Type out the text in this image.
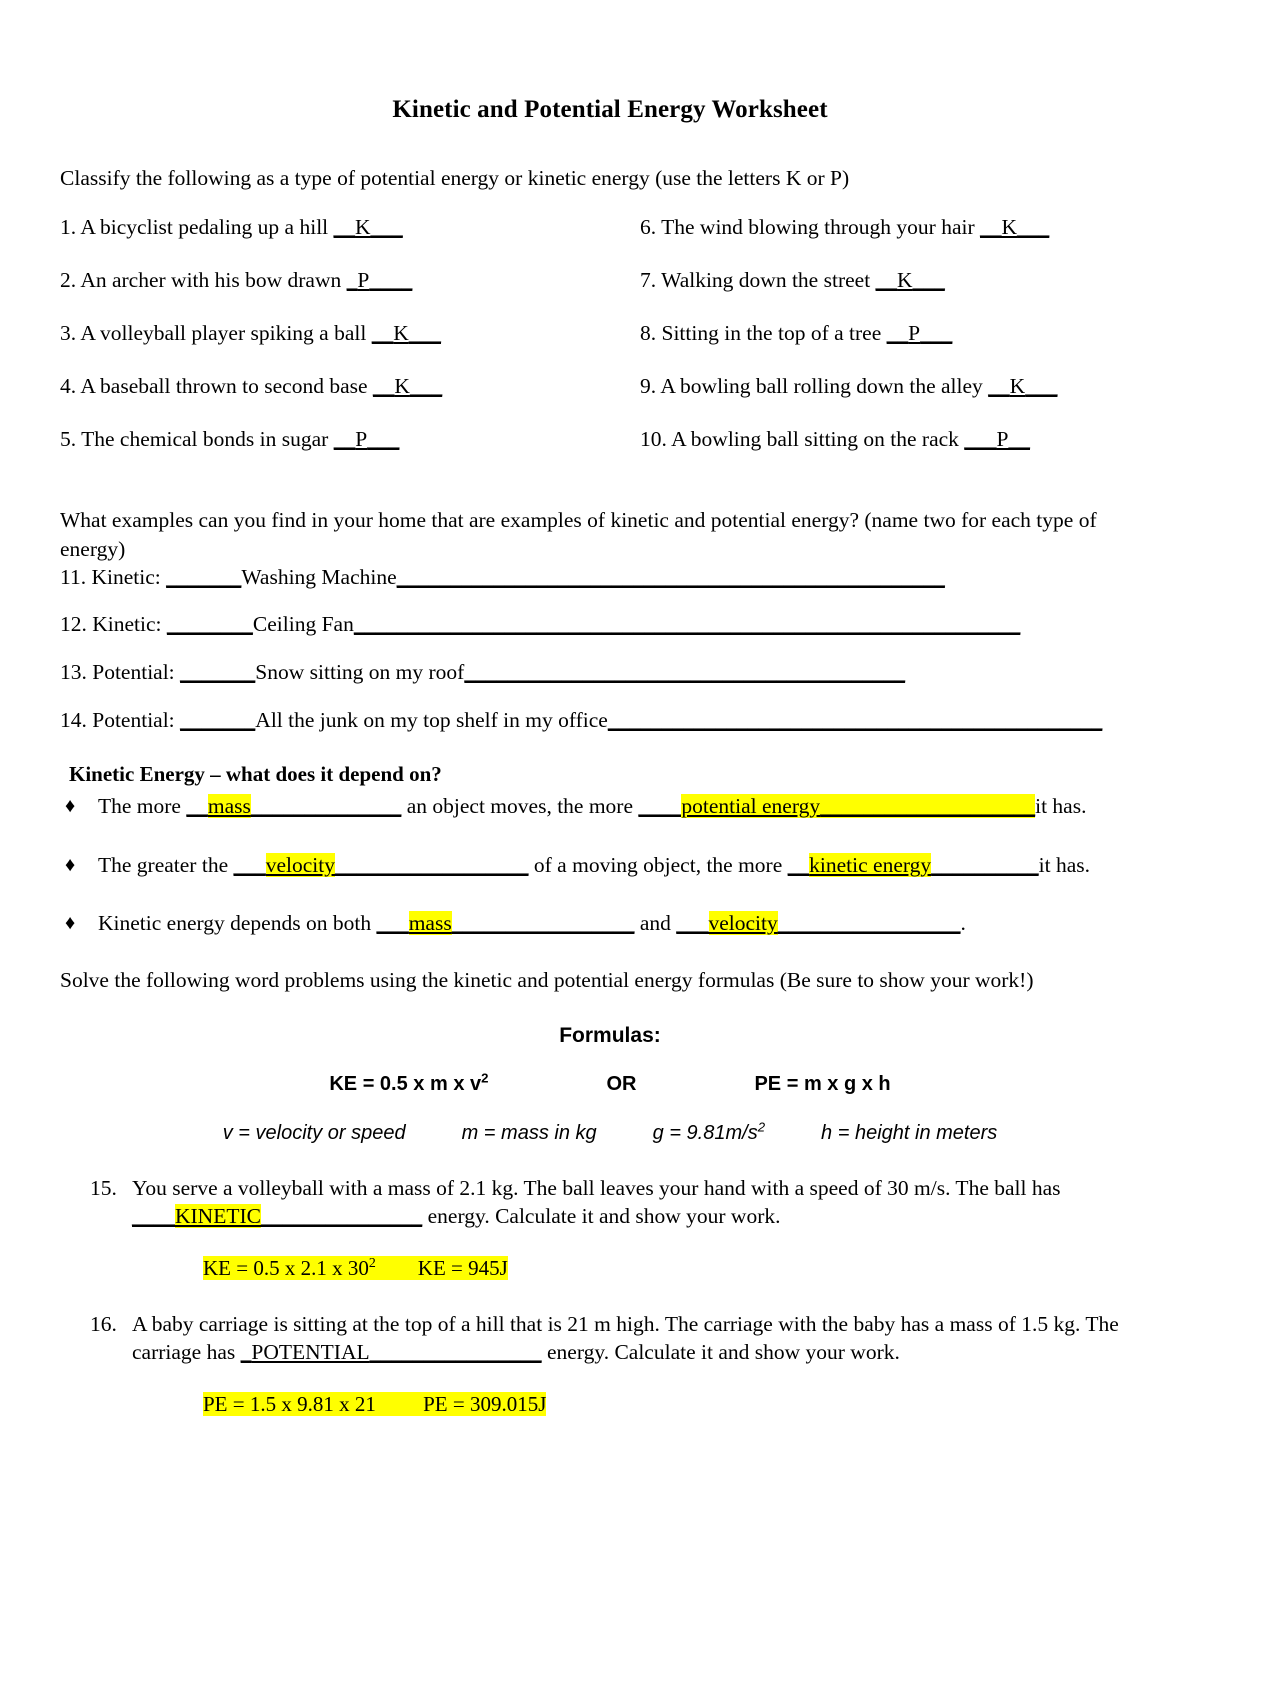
Kinetic and Potential Energy Worksheet
Classify the following as a type of potential energy or kinetic energy (use the letters K or P)
1. A bicyclist pedaling up a hill __K___	6. The wind blowing through your hair __K___
2. An archer with his bow drawn _P____	7. Walking down the street __K___
3. A volleyball player spiking a ball __K___	8. Sitting in the top of a tree __P___
4. A baseball thrown to second base __K___	9. A bowling ball rolling down the alley __K___
5. The chemical bonds in sugar __P___	10. A bowling ball sitting on the rack ___P__
What examples can you find in your home that are examples of kinetic and potential energy? (name two for each type of energy)
11. Kinetic: _______Washing Machine___________________________________________________
12. Kinetic: ________Ceiling Fan______________________________________________________________
13. Potential: _______Snow sitting on my roof_________________________________________
14. Potential: _______All the junk on my top shelf in my office______________________________________________
Kinetic Energy – what does it depend on?
♦	The more __mass______________ an object moves, the more ____potential energy____________________it has.
♦	The greater the ___velocity__________________ of a moving object, the more __kinetic energy__________it has.
♦	Kinetic energy depends on both ___mass_________________ and ___velocity_________________.
Solve the following word problems using the kinetic and potential energy formulas (Be sure to show your work!)
Formulas:
KE = 0.5 x m x $v^2$	OR	PE = m x g x h
v = velocity or speed	m = mass in kg	$g = 9.81m/s^2$	h = height in meters
15. You serve a volleyball with a mass of 2.1 kg. The ball leaves your hand with a speed of 30 m/s. The ball has ____KINETIC_______________ energy. Calculate it and show your work.
KE = 0.5 x 2.1 x $30^2$ KE = 945J
16. A baby carriage is sitting at the top of a hill that is 21 m high. The carriage with the baby has a mass of 1.5 kg. The carriage has _POTENTIAL________________ energy. Calculate it and show your work.
PE = 1.5 x 9.81 x 21 PE = 309.015J
